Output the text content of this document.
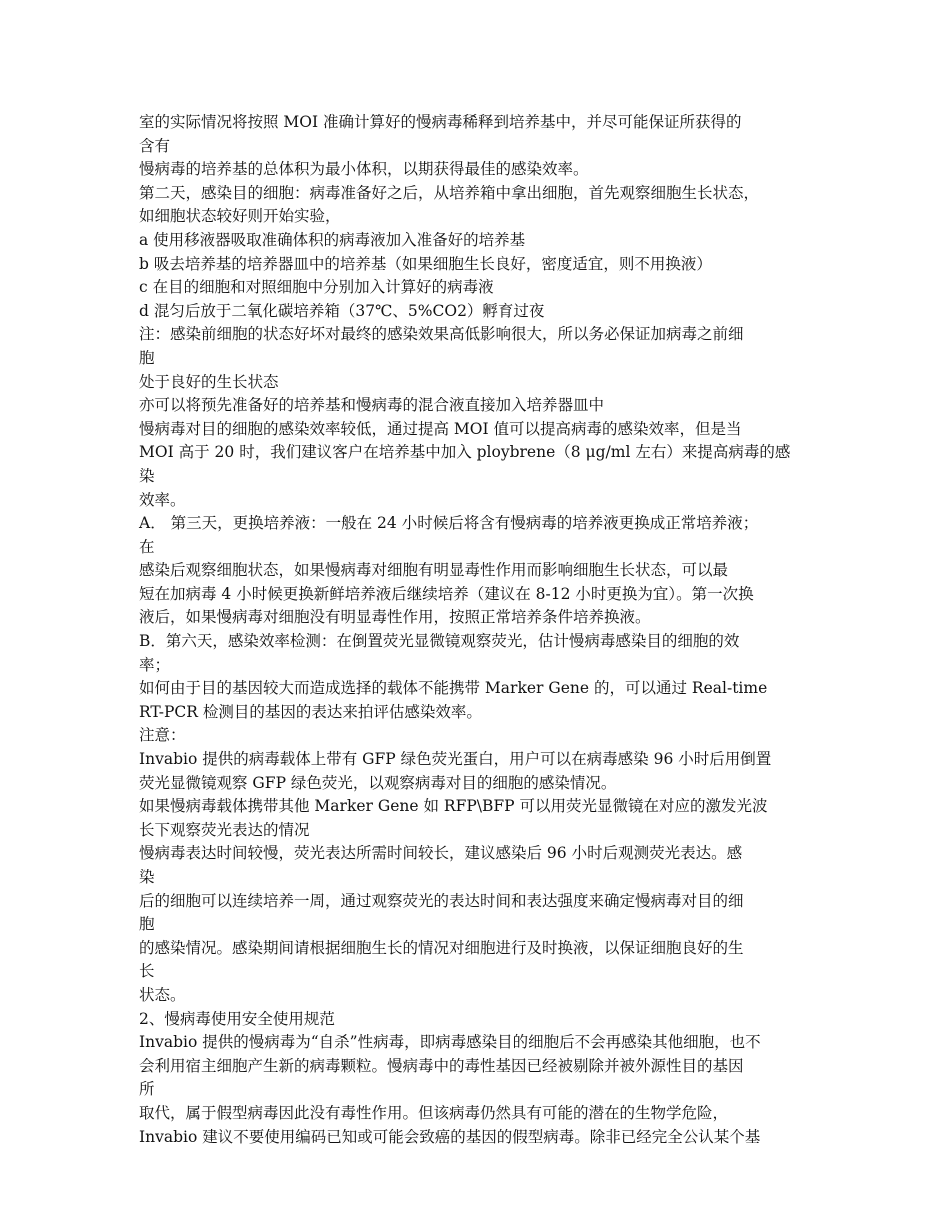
室的实际情况将按照 MOI 准确计算好的慢病毒稀释到培养基中，并尽可能保证所获得的
含有
慢病毒的培养基的总体积为最小体积，以期获得最佳的感染效率。
第二天，感染目的细胞：病毒准备好之后，从培养箱中拿出细胞，首先观察细胞生长状态，
如细胞状态较好则开始实验，
a 使用移液器吸取准确体积的病毒液加入准备好的培养基
b 吸去培养基的培养器皿中的培养基（如果细胞生长良好，密度适宜，则不用换液）
c 在目的细胞和对照细胞中分别加入计算好的病毒液
d 混匀后放于二氧化碳培养箱（37℃、5%CO2）孵育过夜
注：感染前细胞的状态好坏对最终的感染效果高低影响很大，所以务必保证加病毒之前细
胞
处于良好的生长状态
亦可以将预先准备好的培养基和慢病毒的混合液直接加入培养器皿中
慢病毒对目的细胞的感染效率较低，通过提高 MOI 值可以提高病毒的感染效率，但是当
MOI 高于 20 时，我们建议客户在培养基中加入 ploybrene（8 μg/ml 左右）来提高病毒的感
染
效率。
A． 第三天，更换培养液：一般在 24 小时候后将含有慢病毒的培养液更换成正常培养液；
在
感染后观察细胞状态，如果慢病毒对细胞有明显毒性作用而影响细胞生长状态，可以最
短在加病毒 4 小时候更换新鲜培养液后继续培养（建议在 8-12 小时更换为宜）。第一次换
液后，如果慢病毒对细胞没有明显毒性作用，按照正常培养条件培养换液。
B．第六天，感染效率检测：在倒置荧光显微镜观察荧光，估计慢病毒感染目的细胞的效
率；
如何由于目的基因较大而造成选择的载体不能携带 Marker Gene 的，可以通过 Real-time
RT-PCR 检测目的基因的表达来拍评估感染效率。
注意：
Invabio 提供的病毒载体上带有 GFP 绿色荧光蛋白，用户可以在病毒感染 96 小时后用倒置
荧光显微镜观察 GFP 绿色荧光，以观察病毒对目的细胞的感染情况。
如果慢病毒载体携带其他 Marker Gene 如 RFP\BFP 可以用荧光显微镜在对应的激发光波
长下观察荧光表达的情况
慢病毒表达时间较慢，荧光表达所需时间较长，建议感染后 96 小时后观测荧光表达。感
染
后的细胞可以连续培养一周，通过观察荧光的表达时间和表达强度来确定慢病毒对目的细
胞
的感染情况。感染期间请根据细胞生长的情况对细胞进行及时换液，以保证细胞良好的生
长
状态。
2、慢病毒使用安全使用规范
Invabio 提供的慢病毒为“自杀”性病毒，即病毒感染目的细胞后不会再感染其他细胞，也不
会利用宿主细胞产生新的病毒颗粒。慢病毒中的毒性基因已经被剔除并被外源性目的基因
所
取代，属于假型病毒因此没有毒性作用。但该病毒仍然具有可能的潜在的生物学危险，
Invabio 建议不要使用编码已知或可能会致癌的基因的假型病毒。除非已经完全公认某个基
